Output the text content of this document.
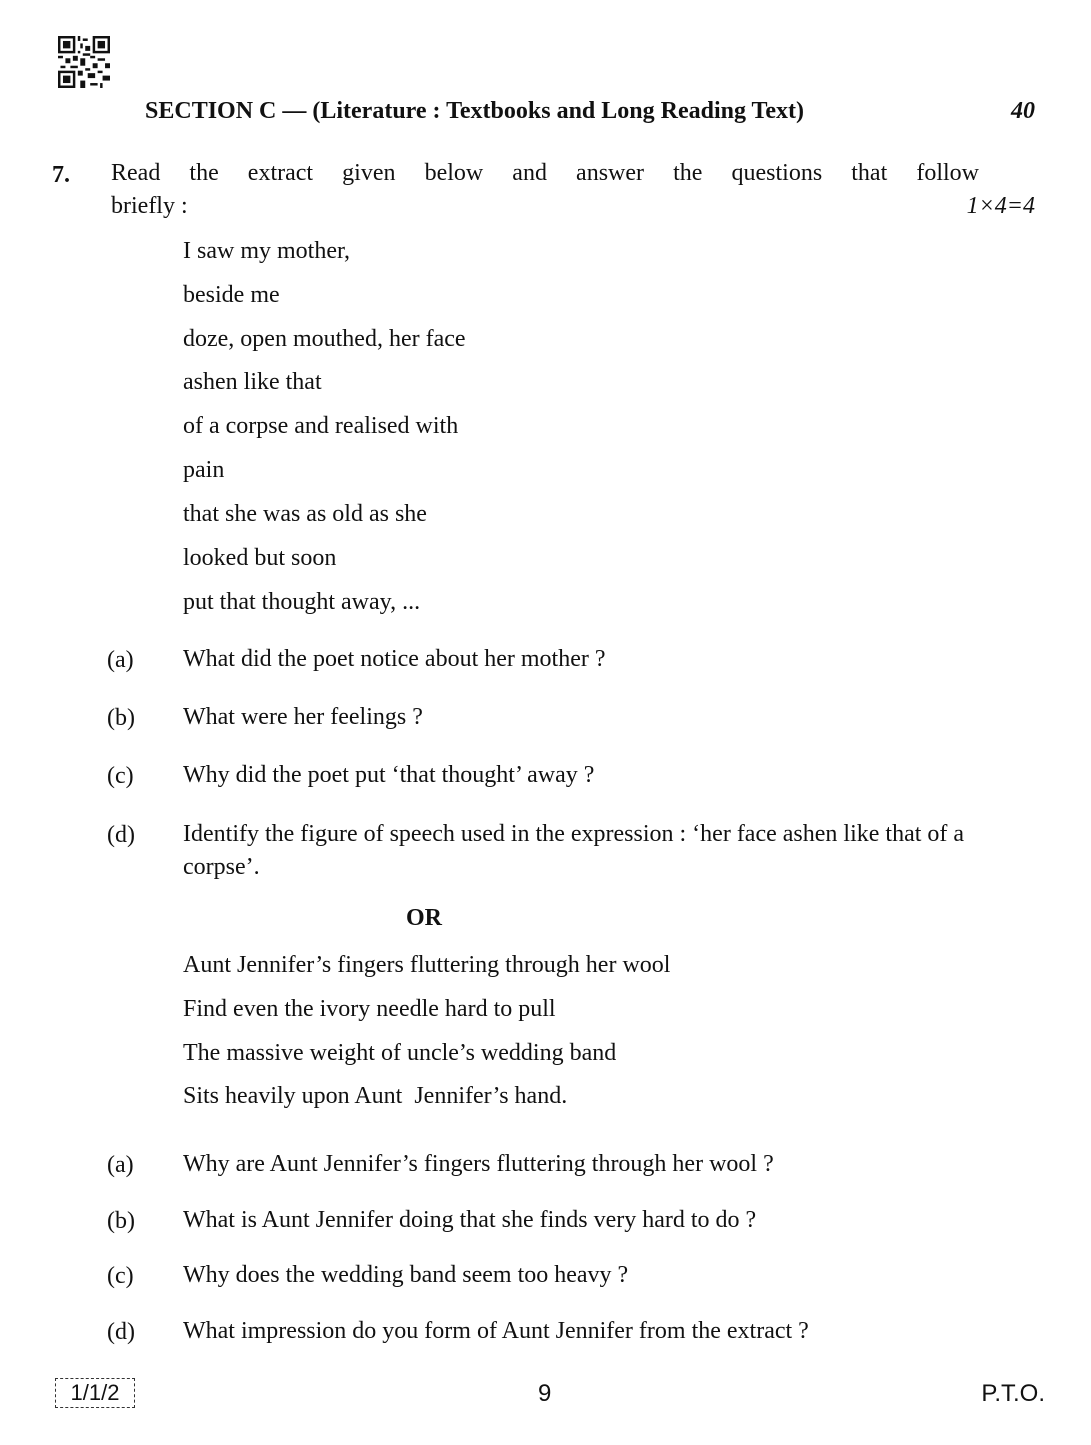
SECTION C — (Literature : Textbooks and Long Reading Text)	40
7. Read the extract given below and answer the questions that follow
briefly :	1×4=4
I saw my mother,
beside me
doze, open mouthed, her face
ashen like that
of a corpse and realised with
pain
that she was as old as she
looked but soon
put that thought away, ...
(a) What did the poet notice about her mother ?
(b) What were her feelings ?
(c) Why did the poet put ‘that thought’ away ?
(d) Identify the figure of speech used in the expression : ‘her face ashen like that of a corpse’.
OR
Aunt Jennifer’s fingers fluttering through her wool
Find even the ivory needle hard to pull
The massive weight of uncle’s wedding band
Sits heavily upon Aunt  Jennifer’s hand.
(a) Why are Aunt Jennifer’s fingers fluttering through her wool ?
(b) What is Aunt Jennifer doing that she finds very hard to do ?
(c) Why does the wedding band seem too heavy ?
(d) What impression do you form of Aunt Jennifer from the extract ?
1/1/2	9	P.T.O.
